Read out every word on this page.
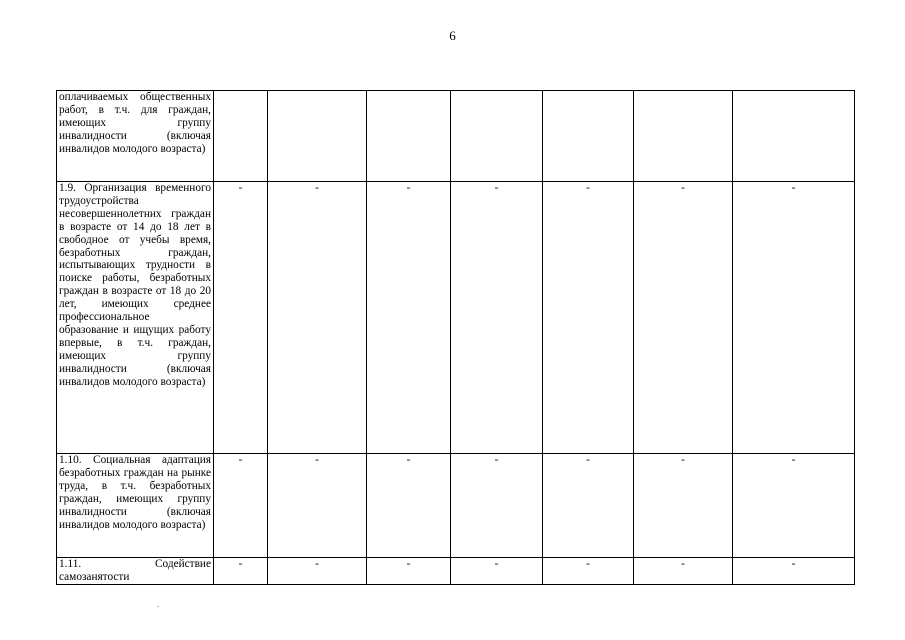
6
оплачиваемых общественных работ, в т.ч. для граждан, имеющих группу инвалидности (включая инвалидов молодого возраста)							
1.9. Организация временного трудоустройства несовершеннолетних граждан в возрасте от 14 до 18 лет в свободное от учебы время, безработных граждан, испытывающих трудности в поиске работы, безработных граждан в возрасте от 18 до 20 лет, имеющих среднее профессиональное образование и ищущих работу впервые, в т.ч. граждан, имеющих группу инвалидности (включая инвалидов молодого возраста)	-	-	-	-	-	-	-
1.10. Социальная адаптация безработных граждан на рынке труда, в т.ч. безработных граждан, имеющих группу инвалидности (включая инвалидов молодого возраста)	-	-	-	-	-	-	-
1.11. Содействие самозанятости	-	-	-	-	-	-	-
